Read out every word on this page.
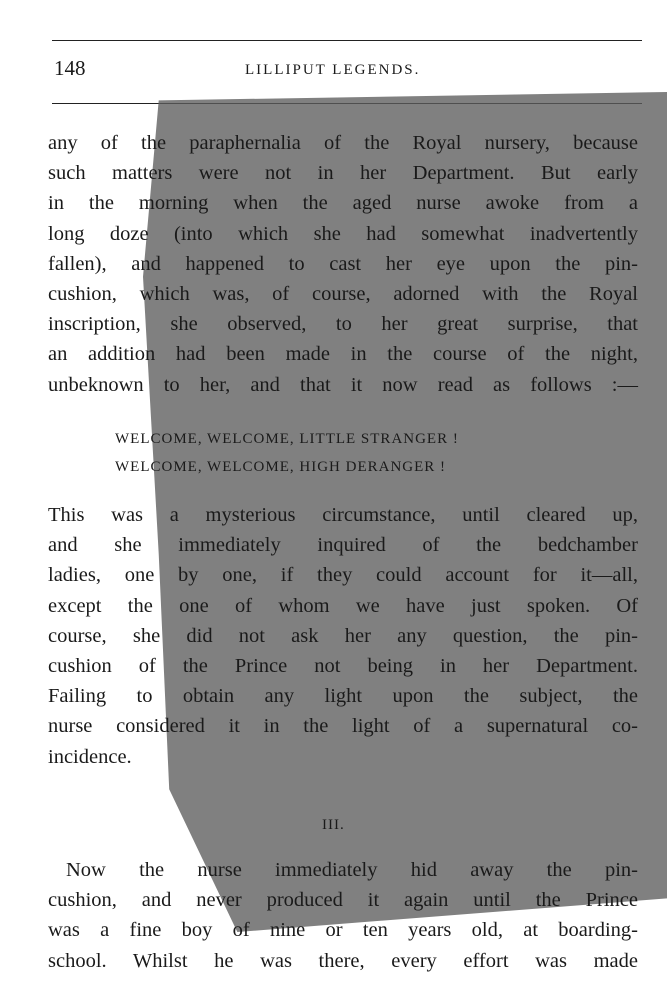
148	LILLIPUT LEGENDS.
any of the paraphernalia of the Royal nursery, because
such matters were not in her Department. But early
in the morning when the aged nurse awoke from a
long doze (into which she had somewhat inadvertently
fallen), and happened to cast her eye upon the pin-
cushion, which was, of course, adorned with the Royal
inscription, she observed, to her great surprise, that
an addition had been made in the course of the night,
unbeknown to her, and that it now read as follows :—
WELCOME, WELCOME, LITTLE STRANGER !
WELCOME, WELCOME, HIGH DERANGER !
This was a mysterious circumstance, until cleared up,
and she immediately inquired of the bedchamber
ladies, one by one, if they could account for it—all,
except the one of whom we have just spoken. Of
course, she did not ask her any question, the pin-
cushion of the Prince not being in her Department.
Failing to obtain any light upon the subject, the
nurse considered it in the light of a supernatural co-
incidence.
III.
Now the nurse immediately hid away the pin-
cushion, and never produced it again until the Prince
was a fine boy of nine or ten years old, at boarding-
school. Whilst he was there, every effort was made
